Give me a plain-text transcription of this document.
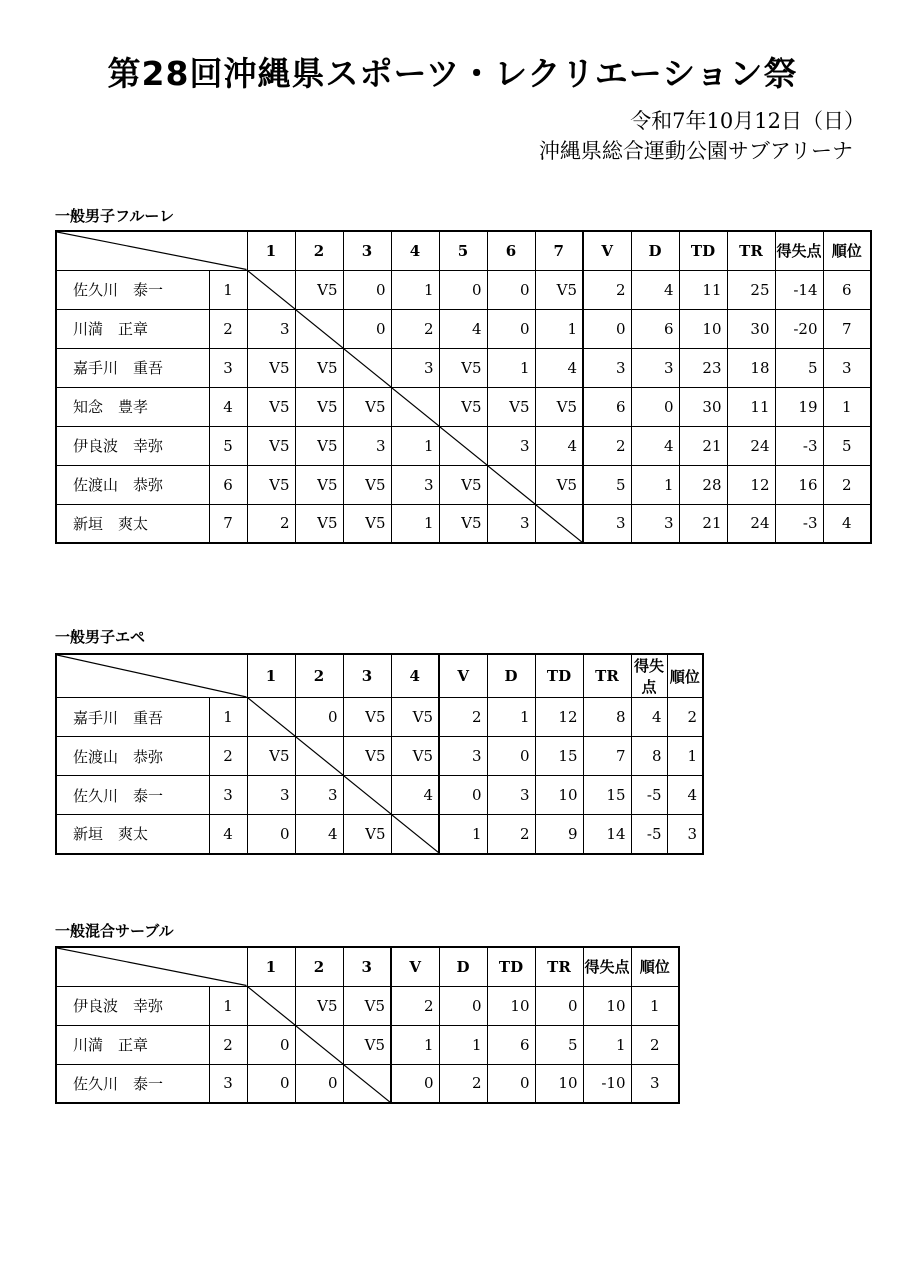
第28回沖縄県スポーツ・レクリエーション祭
令和7年10月12日（日）
沖縄県総合運動公園サブアリーナ
一般男子フルーレ
	1	2	3	4	5	6	7	V	D	TD	TR	得失点	順位
佐久川　泰一	1		V5	0	1	0	0	V5	2	4	11	25	-14	6
川満　正章	2	3		0	2	4	0	1	0	6	10	30	-20	7
嘉手川　重吾	3	V5	V5		3	V5	1	4	3	3	23	18	5	3
知念　豊孝	4	V5	V5	V5		V5	V5	V5	6	0	30	11	19	1
伊良波　幸弥	5	V5	V5	3	1		3	4	2	4	21	24	-3	5
佐渡山　恭弥	6	V5	V5	V5	3	V5		V5	5	1	28	12	16	2
新垣　爽太	7	2	V5	V5	1	V5	3		3	3	21	24	-3	4
一般男子エペ
	1	2	3	4	V	D	TD	TR	得失点	順位
嘉手川　重吾	1		0	V5	V5	2	1	12	8	4	2
佐渡山　恭弥	2	V5		V5	V5	3	0	15	7	8	1
佐久川　泰一	3	3	3		4	0	3	10	15	-5	4
新垣　爽太	4	0	4	V5		1	2	9	14	-5	3
一般混合サーブル
	1	2	3	V	D	TD	TR	得失点	順位
伊良波　幸弥	1		V5	V5	2	0	10	0	10	1
川満　正章	2	0		V5	1	1	6	5	1	2
佐久川　泰一	3	0	0		0	2	0	10	-10	3
